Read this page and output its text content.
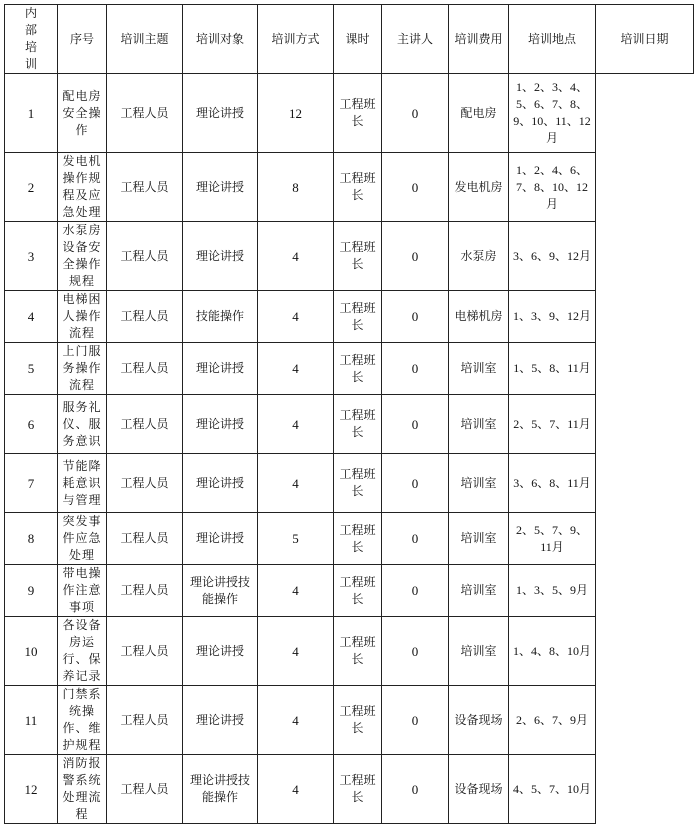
内部培训	序号	培训主题	培训对象	培训方式	课时	主讲人	培训费用	培训地点	培训日期
1	配电房安全操作	工程人员	理论讲授	12	工程班长	0	配电房	1、2、3、4、5、6、7、8、9、10、11、12月	
2	发电机操作规程及应急处理	工程人员	理论讲授	8	工程班长	0	发电机房	1、2、4、6、7、8、10、12月	
3	水泵房设备安全操作规程	工程人员	理论讲授	4	工程班长	0	水泵房	3、6、9、12月	
4	电梯困人操作流程	工程人员	技能操作	4	工程班长	0	电梯机房	1、3、9、12月	
5	上门服务操作流程	工程人员	理论讲授	4	工程班长	0	培训室	1、5、8、11月	
6	服务礼仪、服务意识	工程人员	理论讲授	4	工程班长	0	培训室	2、5、7、11月	
7	节能降耗意识与管理	工程人员	理论讲授	4	工程班长	0	培训室	3、6、8、11月	
8	突发事件应急处理	工程人员	理论讲授	5	工程班长	0	培训室	2、5、7、9、 11月	
9	带电操作注意事项	工程人员	理论讲授技能操作	4	工程班长	0	培训室	1、3、5、9月	
10	各设备房运行、保养记录	工程人员	理论讲授	4	工程班长	0	培训室	1、4、8、10月	
11	门禁系统操作、维护规程	工程人员	理论讲授	4	工程班长	0	设备现场	2、6、7、9月	
12	消防报警系统处理流程	工程人员	理论讲授技能操作	4	工程班长	0	设备现场	4、5、7、10月	
